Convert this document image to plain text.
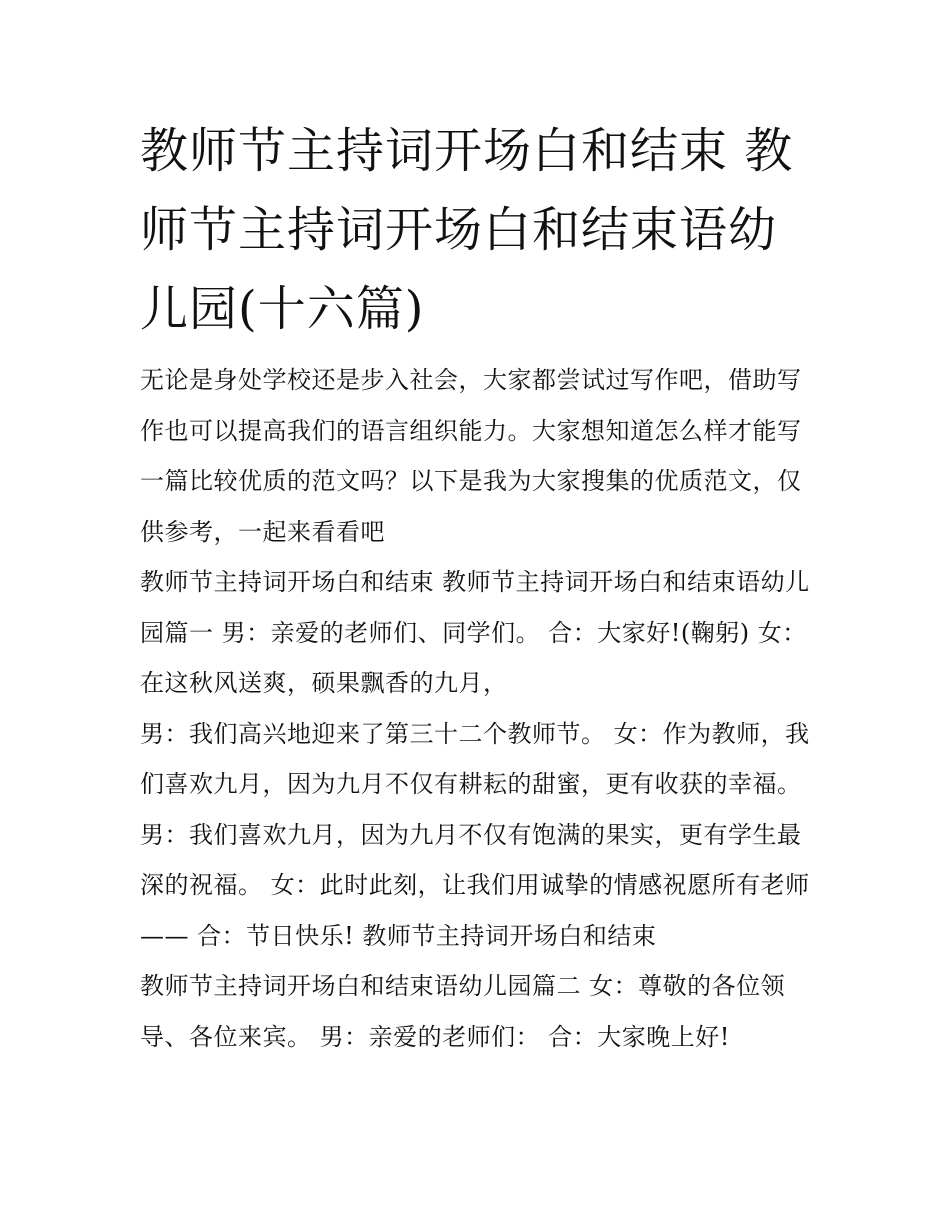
教师节主持词开场白和结束 教师节主持词开场白和结束语幼儿园(十六篇)

无论是身处学校还是步入社会，大家都尝试过写作吧，借助写作也可以提高我们的语言组织能力。大家想知道怎么样才能写一篇比较优质的范文吗？以下是我为大家搜集的优质范文，仅供参考，一起来看看吧

教师节主持词开场白和结束 教师节主持词开场白和结束语幼儿园篇一 男：亲爱的老师们、同学们。 合：大家好!(鞠躬) 女：在这秋风送爽，硕果飘香的九月，

男：我们高兴地迎来了第三十二个教师节。 女：作为教师，我们喜欢九月，因为九月不仅有耕耘的甜蜜，更有收获的幸福。

男：我们喜欢九月，因为九月不仅有饱满的果实，更有学生最深的祝福。 女：此时此刻，让我们用诚挚的情感祝愿所有老师—— 合：节日快乐! 教师节主持词开场白和结束

教师节主持词开场白和结束语幼儿园篇二 女：尊敬的各位领导、各位来宾。 男：亲爱的老师们： 合：大家晚上好!
